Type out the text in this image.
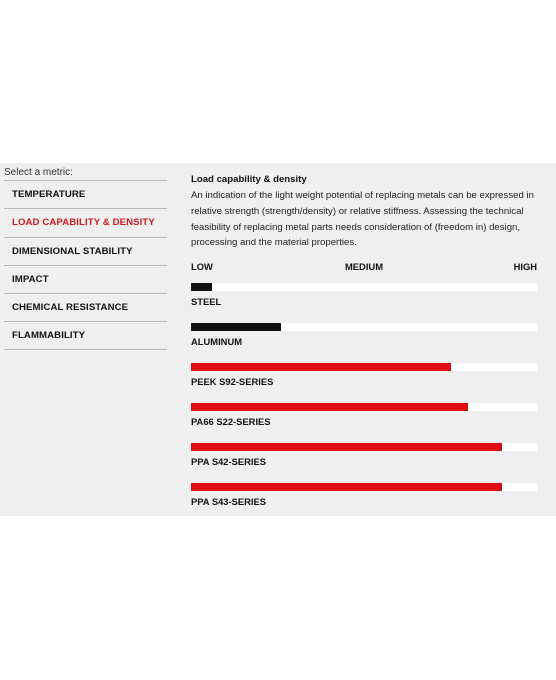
Select a metric:
TEMPERATURE
LOAD CAPABILITY & DENSITY
DIMENSIONAL STABILITY
IMPACT
CHEMICAL RESISTANCE
FLAMMABILITY
Load capability & density
An indication of the light weight potential of replacing metals can be expressed in relative strength (strength/density) or relative stiffness. Assessing the technical feasibility of replacing metal parts needs consideration of (freedom in) design, processing and the material properties.
LOW	MEDIUM	HIGH
STEEL
ALUMINUM
PEEK S92-SERIES
PA66 S22-SERIES
PPA S42-SERIES
PPA S43-SERIES
